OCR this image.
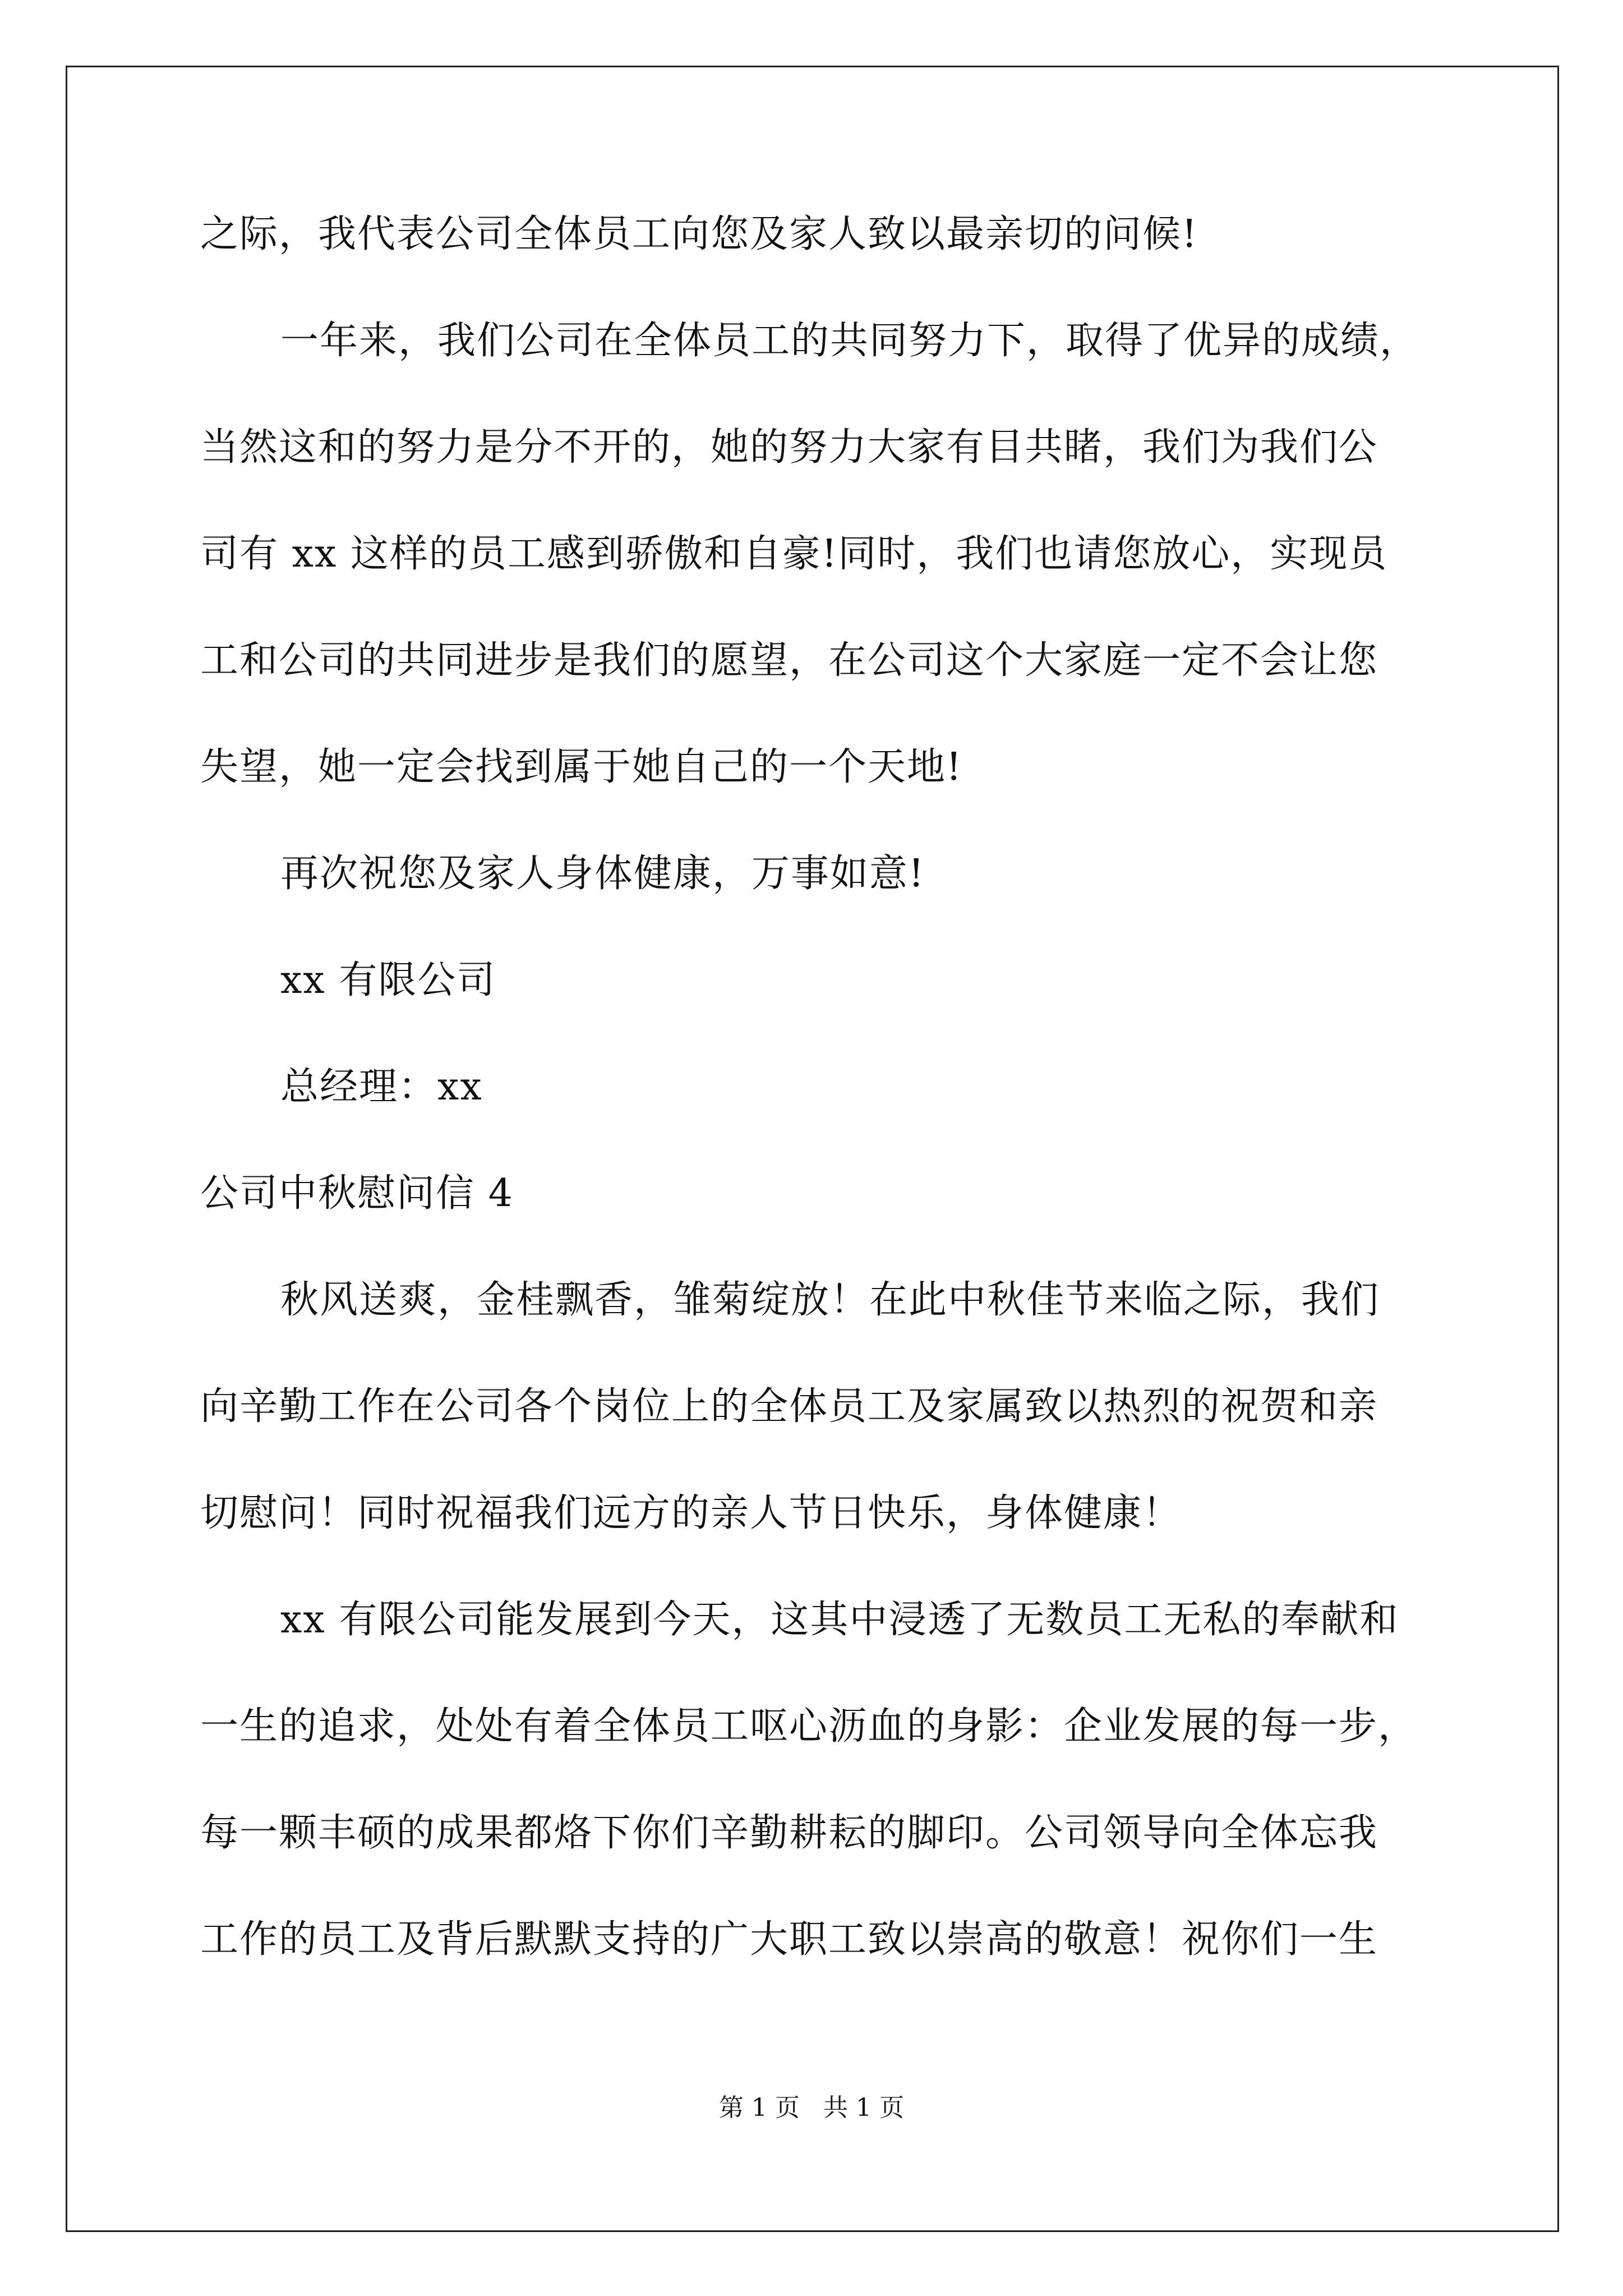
之际，我代表公司全体员工向您及家人致以最亲切的问候!
一年来，我们公司在全体员工的共同努力下，取得了优异的成绩，
当然这和的努力是分不开的，她的努力大家有目共睹，我们为我们公
司有 xx 这样的员工感到骄傲和自豪!同时，我们也请您放心，实现员
工和公司的共同进步是我们的愿望，在公司这个大家庭一定不会让您
失望，她一定会找到属于她自己的一个天地!
再次祝您及家人身体健康，万事如意!
xx 有限公司
总经理：xx
公司中秋慰问信 4
秋风送爽，金桂飘香，雏菊绽放！在此中秋佳节来临之际，我们
向辛勤工作在公司各个岗位上的全体员工及家属致以热烈的祝贺和亲
切慰问！同时祝福我们远方的亲人节日快乐，身体健康！
xx 有限公司能发展到今天，这其中浸透了无数员工无私的奉献和
一生的追求，处处有着全体员工呕心沥血的身影：企业发展的每一步，
每一颗丰硕的成果都烙下你们辛勤耕耘的脚印。公司领导向全体忘我
工作的员工及背后默默支持的广大职工致以崇高的敬意！祝你们一生
第 1 页   共 1 页
